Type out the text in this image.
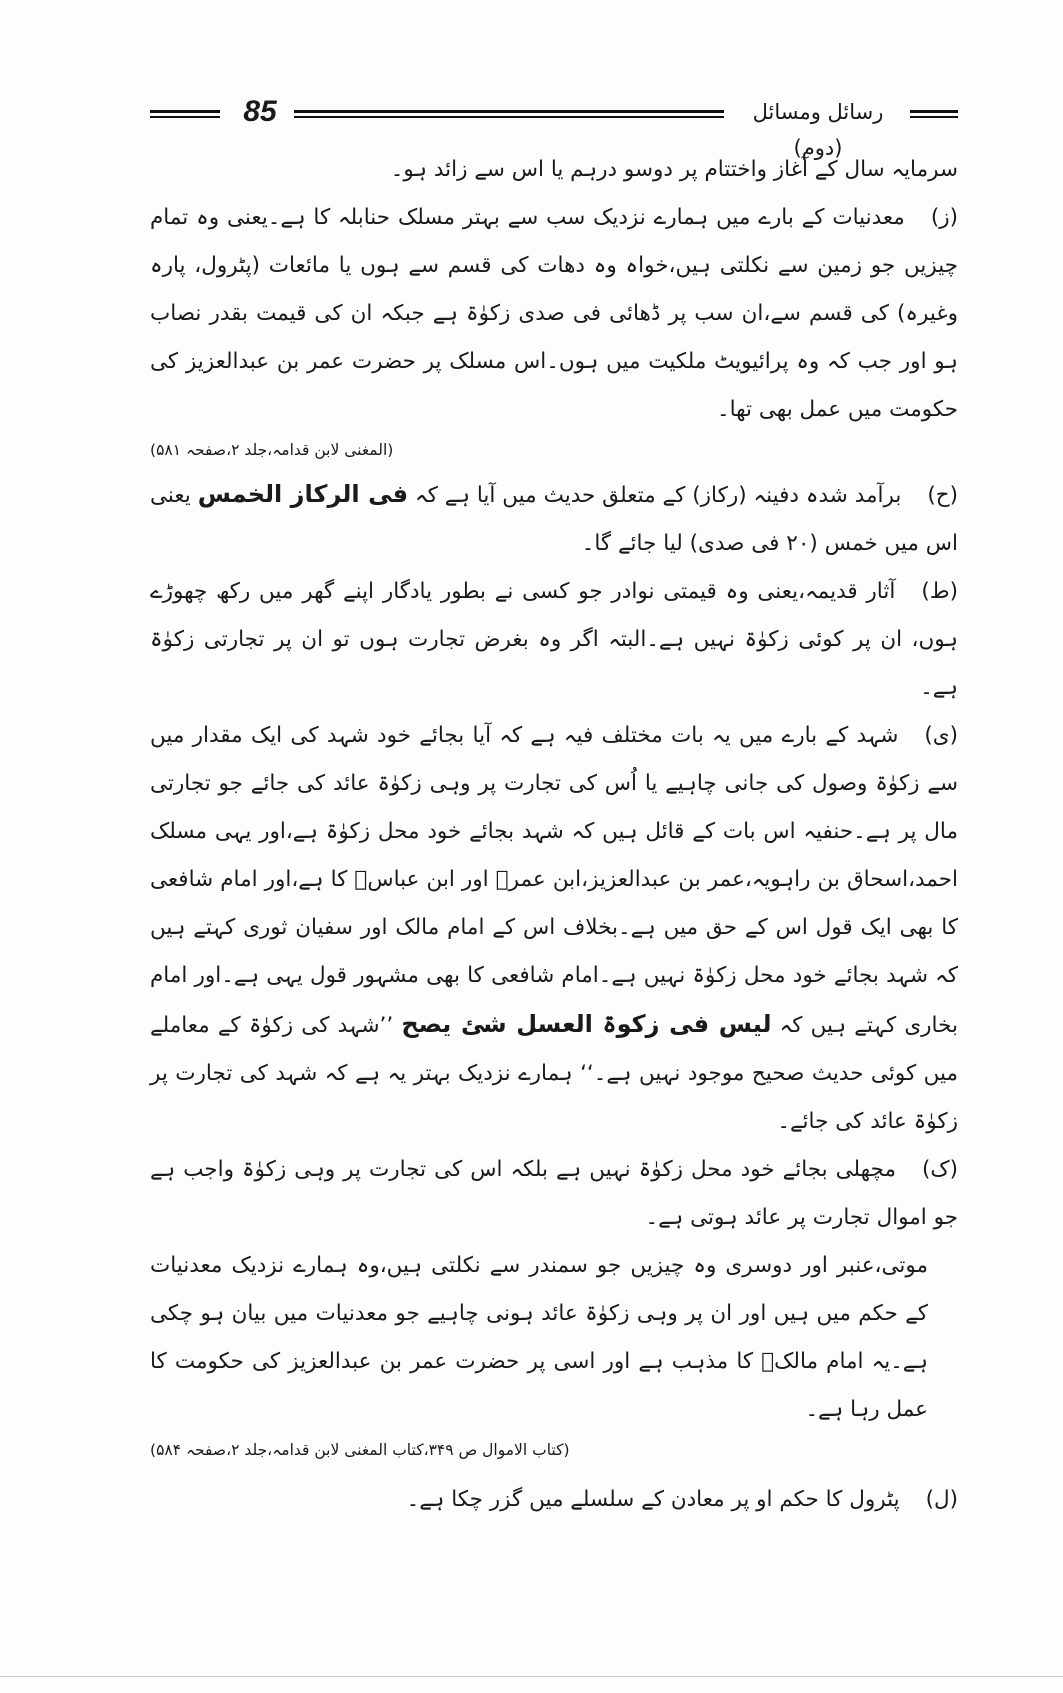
85	رسائل ومسائل (دوم)

سرمایہ سال کے آغاز واختتام پر دوسو درہم یا اس سے زائد ہو۔

(ز)معدنیات کے بارے میں ہمارے نزدیک سب سے بہتر مسلک حنابلہ کا ہے۔یعنی وہ تمام چیزیں جو زمین سے نکلتی ہیں،خواہ وہ دھات کی قسم سے ہوں یا مائعات (پٹرول، پارہ وغیرہ) کی قسم سے،ان سب پر ڈھائی فی صدی زکوٰۃ ہے جبکہ ان کی قیمت بقدر نصاب ہو اور جب کہ وہ پرائیویٹ ملکیت میں ہوں۔اس مسلک پر حضرت عمر بن عبدالعزیز کی حکومت میں عمل بھی تھا۔

(المغنی لابن قدامہ،جلد ۲،صفحہ ۵۸۱)

(ح)برآمد شدہ دفینہ (رکاز) کے متعلق حدیث میں آیا ہے کہ فی الرکاز الخمس یعنی اس میں خمس (۲۰ فی صدی) لیا جائے گا۔

(ط)آثار قدیمہ،یعنی وہ قیمتی نوادر جو کسی نے بطور یادگار اپنے گھر میں رکھ چھوڑے ہوں، ان پر کوئی زکوٰۃ نہیں ہے۔البتہ اگر وہ بغرض تجارت ہوں تو ان پر تجارتی زکوٰۃ ہے۔

(ی)شہد کے بارے میں یہ بات مختلف فیہ ہے کہ آیا بجائے خود شہد کی ایک مقدار میں سے زکوٰۃ وصول کی جانی چاہیے یا اُس کی تجارت پر وہی زکوٰۃ عائد کی جائے جو تجارتی مال پر ہے۔حنفیہ اس بات کے قائل ہیں کہ شہد بجائے خود محل زکوٰۃ ہے،اور یہی مسلک احمد،اسحاق بن راہویہ،عمر بن عبدالعزیز،ابن عمرؓ اور ابن عباسؓ کا ہے،اور امام شافعی کا بھی ایک قول اس کے حق میں ہے۔بخلاف اس کے امام مالک اور سفیان ثوری کہتے ہیں کہ شہد بجائے خود محل زکوٰۃ نہیں ہے۔امام شافعی کا بھی مشہور قول یہی ہے۔اور امام بخاری کہتے ہیں کہ لیس فی زکوۃ العسل شئ یصح ’’شہد کی زکوٰۃ کے معاملے میں کوئی حدیث صحیح موجود نہیں ہے۔‘‘ ہمارے نزدیک بہتر یہ ہے کہ شہد کی تجارت پر زکوٰۃ عائد کی جائے۔

(ک)مچھلی بجائے خود محل زکوٰۃ نہیں ہے بلکہ اس کی تجارت پر وہی زکوٰۃ واجب ہے جو اموال تجارت پر عائد ہوتی ہے۔

موتی،عنبر اور دوسری وہ چیزیں جو سمندر سے نکلتی ہیں،وہ ہمارے نزدیک معدنیات کے حکم میں ہیں اور ان پر وہی زکوٰۃ عائد ہونی چاہیے جو معدنیات میں بیان ہو چکی ہے۔یہ امام مالکؒ کا مذہب ہے اور اسی پر حضرت عمر بن عبدالعزیز کی حکومت کا عمل رہا ہے۔

(کتاب الاموال ص ۳۴۹،کتاب المغنی لابن قدامہ،جلد ۲،صفحہ ۵۸۴)

(ل)پٹرول کا حکم او پر معادن کے سلسلے میں گزر چکا ہے۔
